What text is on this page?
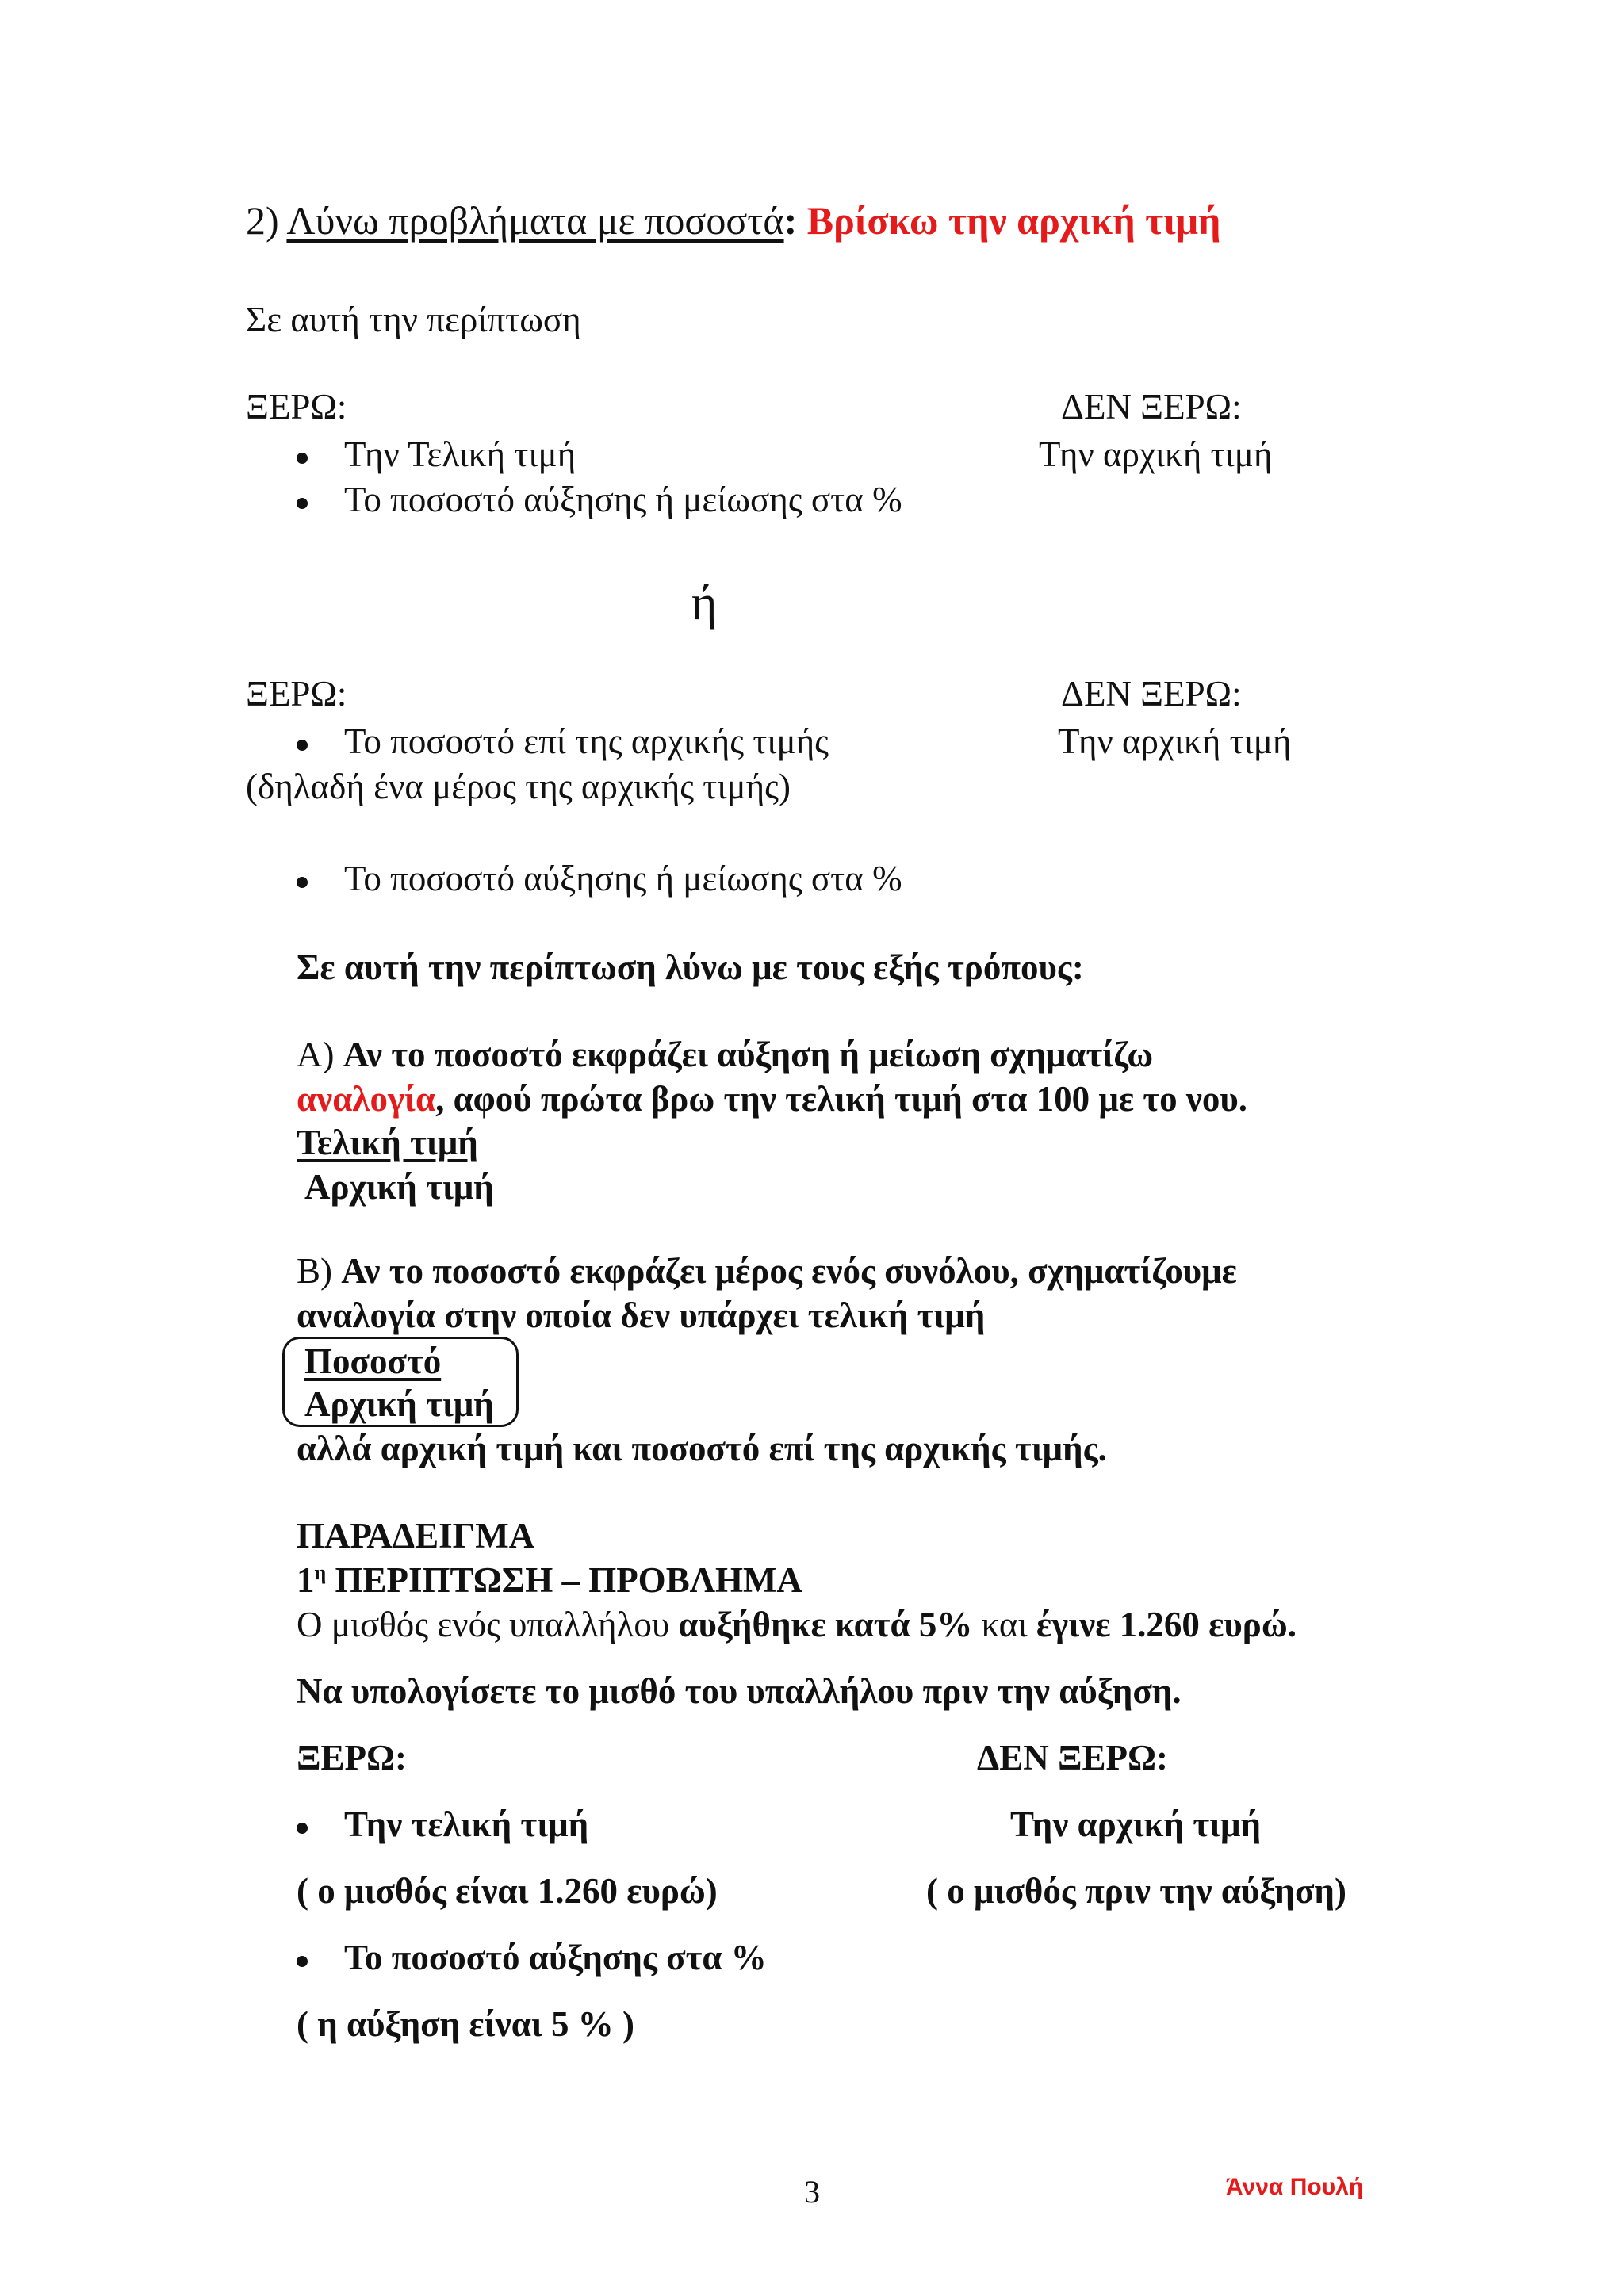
2) Λύνω προβλήματα με ποσοστά: Βρίσκω την αρχική τιμή
Σε αυτή την περίπτωση
ΞΕΡΩ:	ΔΕΝ ΞΕΡΩ:
Την Τελική τιμή	Την αρχική τιμή
Το ποσοστό αύξησης ή μείωσης στα %
ή
ΞΕΡΩ:	ΔΕΝ ΞΕΡΩ:
Το ποσοστό επί της αρχικής τιμής	Την αρχική τιμή
(δηλαδή ένα μέρος της αρχικής τιμής)
Το ποσοστό αύξησης ή μείωσης στα %
Σε αυτή την περίπτωση λύνω με τους εξής τρόπους:
Α) Αν το ποσοστό εκφράζει αύξηση ή μείωση σχηματίζω
αναλογία, αφού πρώτα βρω την τελική τιμή στα 100 με το νου.
Τελική τιμή
Αρχική τιμή
Β) Αν το ποσοστό εκφράζει μέρος ενός συνόλου, σχηματίζουμε
αναλογία στην οποία δεν υπάρχει τελική τιμή
Ποσοστό
Αρχική τιμή
αλλά αρχική τιμή και ποσοστό επί της αρχικής τιμής.
ΠΑΡΑΔΕΙΓΜΑ
$1^\eta$ ΠΕΡΙΠΤΩΣΗ – ΠΡΟΒΛΗΜΑ
Ο μισθός ενός υπαλλήλου αυξήθηκε κατά 5% και έγινε 1.260 ευρώ.
Να υπολογίσετε το μισθό του υπαλλήλου πριν την αύξηση.
ΞΕΡΩ:	ΔΕΝ ΞΕΡΩ:
Την τελική τιμή	Την αρχική τιμή
( ο μισθός είναι 1.260 ευρώ)	( ο μισθός πριν την αύξηση)
Το ποσοστό αύξησης στα %
( η αύξηση είναι 5 % )
3	Άννα Πουλή
